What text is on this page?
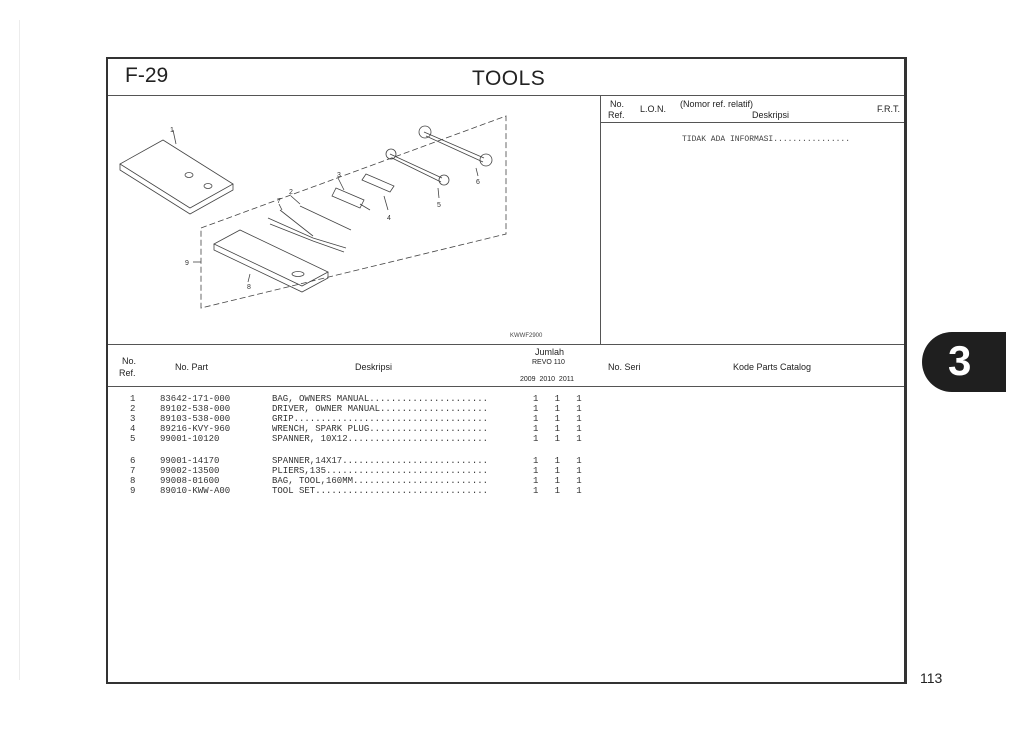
F-29	TOOLS
No.
Ref.
L.O.N. (Nomor ref. relatif)
Deskripsi
F.R.T.
TIDAK ADA INFORMASI................
1
2
3
4
5
6
7
8
9
KWWF2900
No.
Ref.
No. Part	Deskripsi
Jumlah
REVO 110
2009  2010  2011
No. Seri	Kode Parts Catalog
1	83642-171-000	BAG, OWNERS MANUAL......................	1   1   1
2	89102-538-000	DRIVER, OWNER MANUAL....................	1   1   1
3	89103-538-000	GRIP....................................	1   1   1
4	89216-KVY-960	WRENCH, SPARK PLUG......................	1   1   1
5	99001-10120	SPANNER, 10X12..........................	1   1   1
6	99001-14170	SPANNER,14X17...........................	1   1   1
7	99002-13500	PLIERS,135..............................	1   1   1
8	99008-01600	BAG, TOOL,160MM.........................	1   1   1
9	89010-KWW-A00	TOOL SET................................	1   1   1
3
113
